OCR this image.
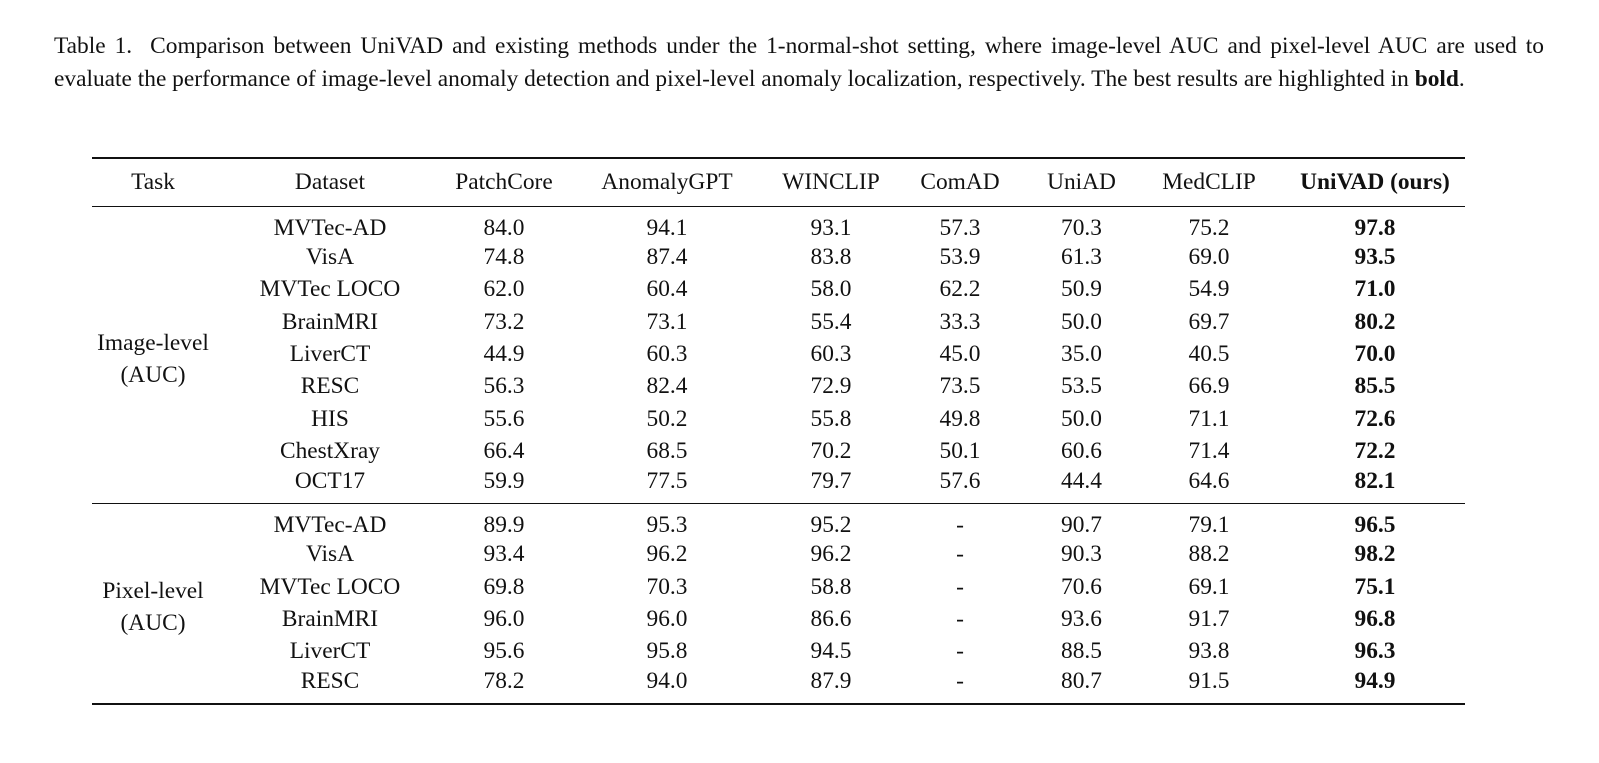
Table 1. Comparison between UniVAD and existing methods under the 1-normal-shot setting, where image-level AUC and pixel-level AUC are used to evaluate the performance of image-level anomaly detection and pixel-level anomaly localization, respectively. The best results are highlighted in bold.
Task	Dataset	PatchCore	AnomalyGPT	WINCLIP	ComAD	UniAD	MedCLIP	UniVAD (ours)

Image-level
(AUC)	MVTec-AD	84.0	94.1	93.1	57.3	70.3	75.2	97.8
	VisA	74.8	87.4	83.8	53.9	61.3	69.0	93.5
	MVTec LOCO	62.0	60.4	58.0	62.2	50.9	54.9	71.0
	BrainMRI	73.2	73.1	55.4	33.3	50.0	69.7	80.2
	LiverCT	44.9	60.3	60.3	45.0	35.0	40.5	70.0
	RESC	56.3	82.4	72.9	73.5	53.5	66.9	85.5
	HIS	55.6	50.2	55.8	49.8	50.0	71.1	72.6
	ChestXray	66.4	68.5	70.2	50.1	60.6	71.4	72.2
	OCT17	59.9	77.5	79.7	57.6	44.4	64.6	82.1

Pixel-level
(AUC)	MVTec-AD	89.9	95.3	95.2	-	90.7	79.1	96.5
	VisA	93.4	96.2	96.2	-	90.3	88.2	98.2
	MVTec LOCO	69.8	70.3	58.8	-	70.6	69.1	75.1
	BrainMRI	96.0	96.0	86.6	-	93.6	91.7	96.8
	LiverCT	95.6	95.8	94.5	-	88.5	93.8	96.3
	RESC	78.2	94.0	87.9	-	80.7	91.5	94.9
